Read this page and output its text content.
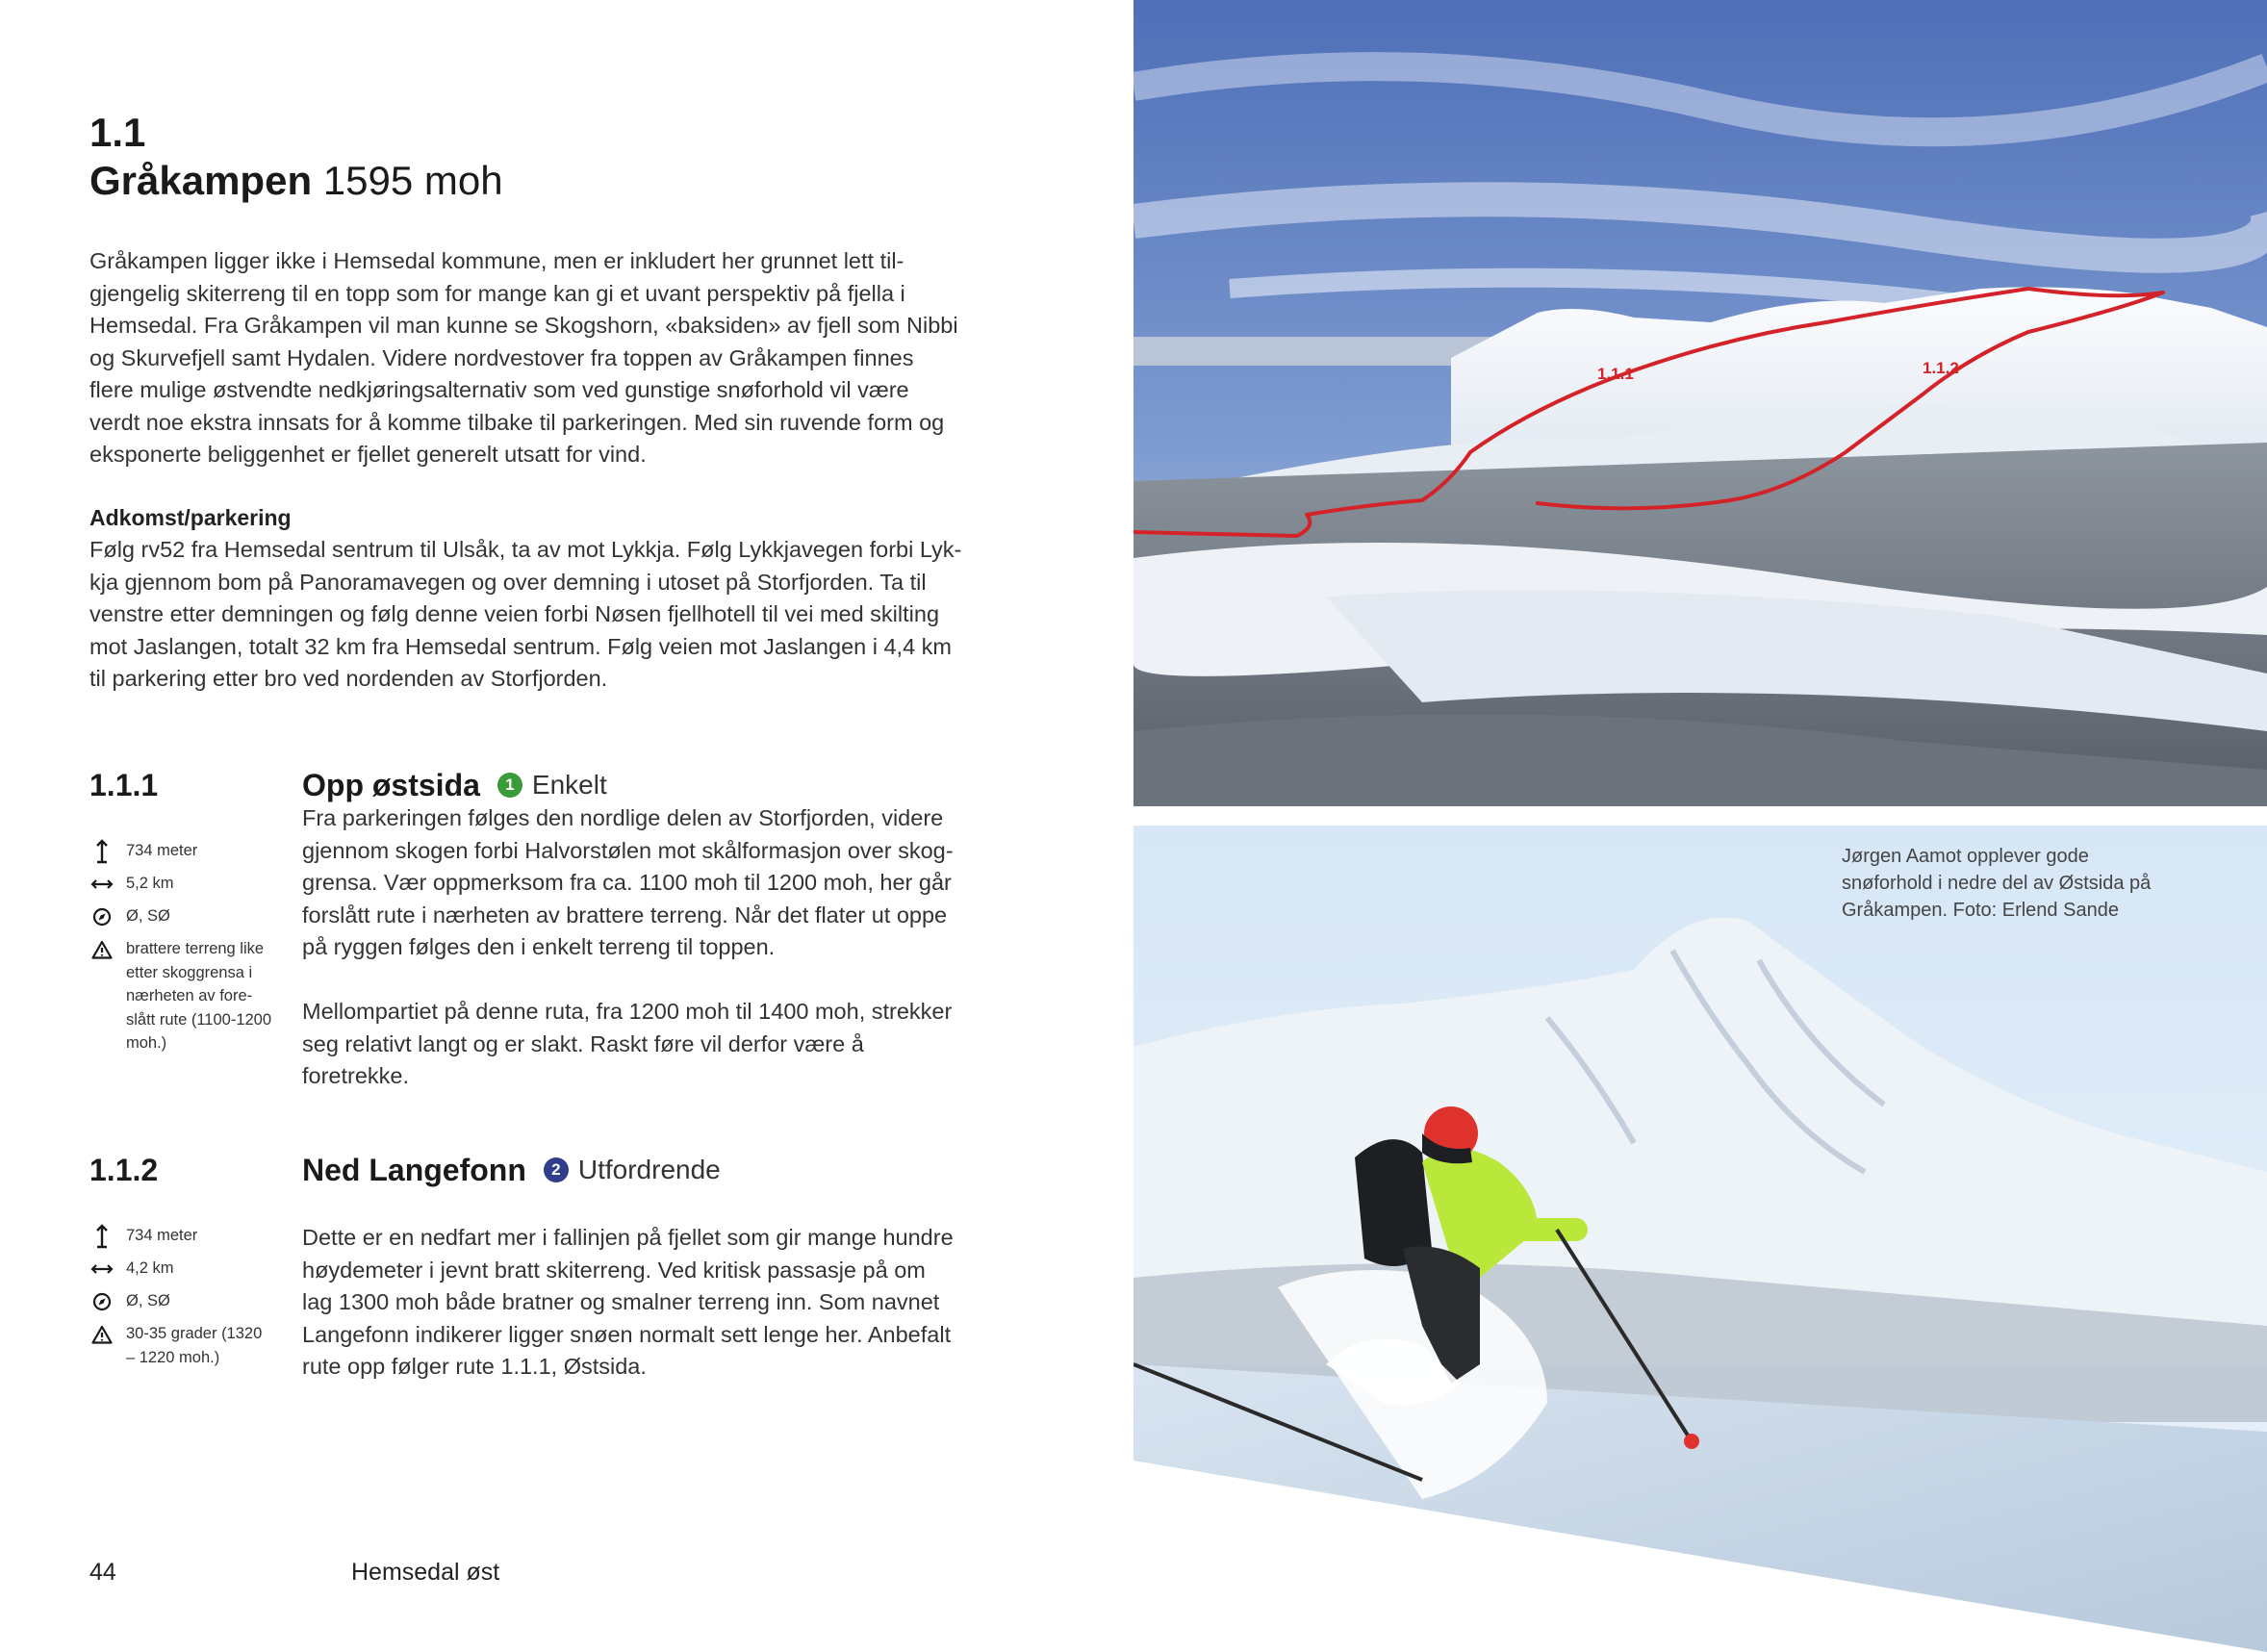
1.1
Gråkampen 1595 moh

Gråkampen ligger ikke i Hemsedal kommune, men er inkludert her grunnet lett til-
gjengelig skiterreng til en topp som for mange kan gi et uvant perspektiv på fjella i
Hemsedal. Fra Gråkampen vil man kunne se Skogshorn, «baksiden» av fjell som Nibbi
og Skurvefjell samt Hydalen. Videre nordvestover fra toppen av Gråkampen finnes
flere mulige østvendte nedkjøringsalternativ som ved gunstige snøforhold vil være
verdt noe ekstra innsats for å komme tilbake til parkeringen. Med sin ruvende form og
eksponerte beliggenhet er fjellet generelt utsatt for vind.

Adkomst/parkering

Følg rv52 fra Hemsedal sentrum til Ulsåk, ta av mot Lykkja. Følg Lykkjavegen forbi Lyk-
kja gjennom bom på Panoramavegen og over demning i utoset på Storfjorden. Ta til
venstre etter demningen og følg denne veien forbi Nøsen fjellhotell til vei med skilting
mot Jaslangen, totalt 32 km fra Hemsedal sentrum. Følg veien mot Jaslangen i 4,4 km
til parkering etter bro ved nordenden av Storfjorden.

1.1.1	Opp østsida	1 Enkelt
734 meter
5,2 km
Ø, SØ
brattere terreng like
etter skoggrensa i
nærheten av fore-
slått rute (1100-1200
moh.)

Fra parkeringen følges den nordlige delen av Storfjorden, videre
gjennom skogen forbi Halvorstølen mot skålformasjon over skog-
grensa. Vær oppmerksom fra ca. 1100 moh til 1200 moh, her går
forslått rute i nærheten av brattere terreng. Når det flater ut oppe
på ryggen følges den i enkelt terreng til toppen.

Mellompartiet på denne ruta, fra 1200 moh til 1400 moh, strekker
seg relativt langt og er slakt. Raskt føre vil derfor være å foretrekke.

1.1.2	Ned Langefonn	2 Utfordrende
734 meter
4,2 km
Ø, SØ
30-35 grader (1320
– 1220 moh.)

Dette er en nedfart mer i fallinjen på fjellet som gir mange hundre
høydemeter i jevnt bratt skiterreng. Ved kritisk passasje på om
lag 1300 moh både bratner og smalner terreng inn. Som navnet
Langefonn indikerer ligger snøen normalt sett lenge her. Anbefalt
rute opp følger rute 1.1.1, Østsida.

44	Hemsedal øst
1.1.1	1.1.2
Jørgen Aamot opplever gode
snøforhold i nedre del av Østsida på
Gråkampen. Foto: Erlend Sande
